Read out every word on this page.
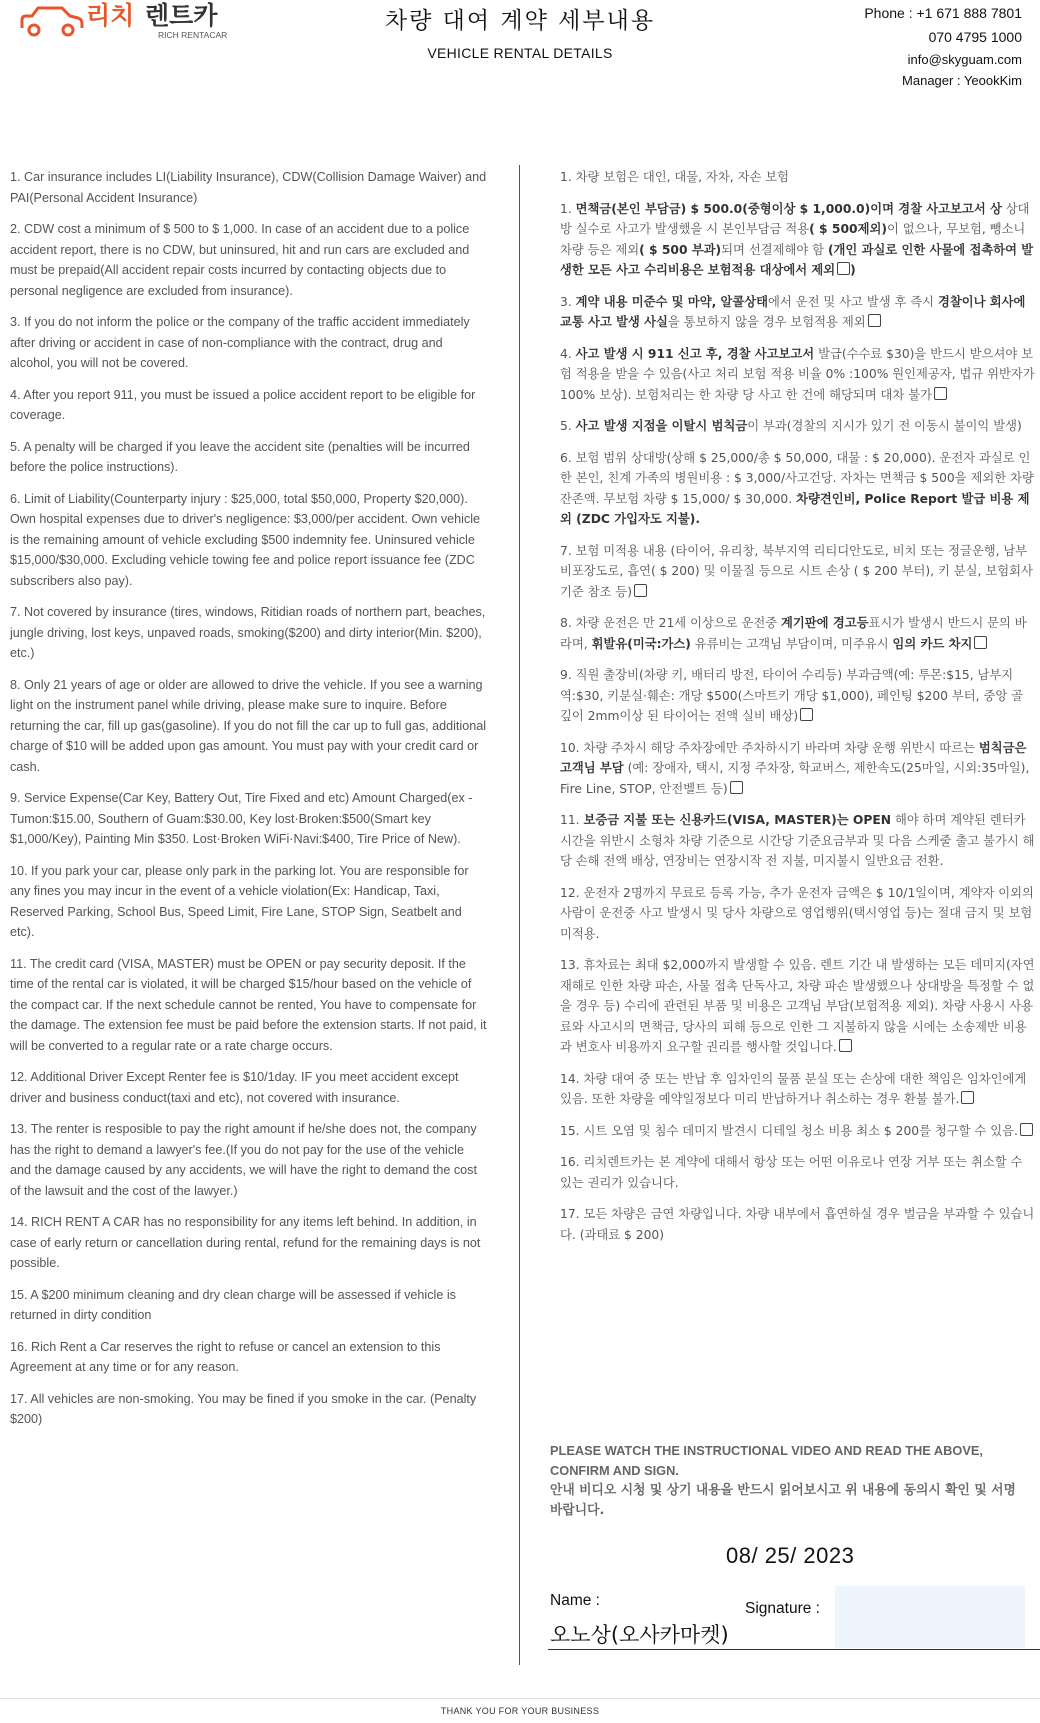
리치 렌트카
RICH RENTACAR
차량 대여 계약 세부내용
VEHICLE RENTAL DETAILS
Phone : +1 671 888 7801
070 4795 1000
info@skyguam.com
Manager : YeookKim

1. Car insurance includes LI(Liability Insurance), CDW(Collision Damage Waiver) and PAI(Personal Accident Insurance)

2. CDW cost a minimum of $ 500 to $ 1,000. In case of an accident due to a police accident report, there is no CDW, but uninsured, hit and run cars are excluded and must be prepaid(All accident repair costs incurred by contacting objects due to personal negligence are excluded from insurance).

3. If you do not inform the police or the company of the traffic accident immediately after driving or accident in case of non-compliance with the contract, drug and alcohol, you will not be covered.

4. After you report 911, you must be issued a police accident report to be eligible for coverage.

5. A penalty will be charged if you leave the accident site (penalties will be incurred before the police instructions).

6. Limit of Liability(Counterparty injury : $25,000, total $50,000, Property $20,000). Own hospital expenses due to driver's negligence: $3,000/per accident. Own vehicle is the remaining amount of vehicle excluding $500 indemnity fee. Uninsured vehicle $15,000/$30,000. Excluding vehicle towing fee and police report issuance fee (ZDC subscribers also pay).

7. Not covered by insurance (tires, windows, Ritidian roads of northern part, beaches, jungle driving, lost keys, unpaved roads, smoking($200) and dirty interior(Min. $200), etc.)

8. Only 21 years of age or older are allowed to drive the vehicle. If you see a warning light on the instrument panel while driving, please make sure to inquire. Before returning the car, fill up gas(gasoline). If you do not fill the car up to full gas, additional charge of $10 will be added upon gas amount. You must pay with your credit card or cash.

9. Service Expense(Car Key, Battery Out, Tire Fixed and etc) Amount Charged(ex -Tumon:$15.00, Southern of Guam:$30.00, Key lost·Broken:$500(Smart key $1,000/Key), Painting Min $350. Lost·Broken WiFi·Navi:$400, Tire Price of New).

10. If you park your car, please only park in the parking lot. You are responsible for any fines you may incur in the event of a vehicle violation(Ex: Handicap, Taxi, Reserved Parking, School Bus, Speed Limit, Fire Lane, STOP Sign, Seatbelt and etc).

11. The credit card (VISA, MASTER) must be OPEN or pay security deposit. If the time of the rental car is violated, it will be charged $15/hour based on the vehicle of the compact car. If the next schedule cannot be rented, You have to compensate for the damage. The extension fee must be paid before the extension starts. If not paid, it will be converted to a regular rate or a rate charge occurs.

12. Additional Driver Except Renter fee is $10/1day. IF you meet accident except driver and business conduct(taxi and etc), not covered with insurance.

13. The renter is resposible to pay the right amount if he/she does not, the company has the right to demand a lawyer's fee.(If you do not pay for the use of the vehicle and the damage caused by any accidents, we will have the right to demand the cost of the lawsuit and the cost of the lawyer.)

14. RICH RENT A CAR has no responsibility for any items left behind. In addition, in case of early return or cancellation during rental, refund for the remaining days is not possible.

15. A $200 minimum cleaning and dry clean charge will be assessed if vehicle is returned in dirty condition

16. Rich Rent a Car reserves the right to refuse or cancel an extension to this Agreement at any time or for any reason.

17. All vehicles are non-smoking. You may be fined if you smoke in the car. (Penalty $200)

1. 차량 보험은 대인, 대물, 자차, 자손 보험

1. 면책금(본인 부담금) $ 500.0(중형이상 $ 1,000.0)이며 경찰 사고보고서 상 상대방 실수로 사고가 발생했을 시 본인부담금 적용( $ 500제외)이 없으나, 무보험, 뺑소니 차량 등은 제외( $ 500 부과)되며 선결제해야 함 (개인 과실로 인한 사물에 접촉하여 발생한 모든 사고 수리비용은 보험적용 대상에서 제외 )

3. 계약 내용 미준수 및 마약, 알콜상태에서 운전 및 사고 발생 후 즉시 경찰이나 회사에 교통 사고 발생 사실을 통보하지 않을 경우 보험적용 제외

4. 사고 발생 시 911 신고 후, 경찰 사고보고서 발급(수수료 $30)을 반드시 받으셔야 보험 적용을 받을 수 있음(사고 처리 보험 적용 비율 0% :100% 원인제공자, 법규 위반자가 100% 보상). 보험처리는 한 차량 당 사고 한 건에 해당되며 대차 불가

5. 사고 발생 지점을 이탈시 범칙금이 부과(경찰의 지시가 있기 전 이동시 불이익 발생)

6. 보험 범위 상대방(상해 $ 25,000/총 $ 50,000, 대물 : $ 20,000). 운전자 과실로 인한 본인, 친계 가족의 병원비용 : $ 3,000/사고건당. 자차는 면책금 $ 500을 제외한 차량 잔존액. 무보험 차량 $ 15,000/ $ 30,000. 차량견인비, Police Report 발급 비용 제외 (ZDC 가입자도 지불).

7. 보험 미적용 내용 (타이어, 유리창, 북부지역 리티디안도로, 비치 또는 정글운행, 남부 비포장도로, 흡연( $ 200) 및 이물질 등으로 시트 손상 ( $ 200 부터), 키 분실, 보험회사 기준 참조 등)

8. 차량 운전은 만 21세 이상으로 운전중 계기판에 경고등표시가 발생시 반드시 문의 바라며, 휘발유(미국:가스) 유류비는 고객님 부담이며, 미주유시 임의 카드 차지

9. 직원 출장비(차량 키, 배터리 방전, 타이어 수리등) 부과금액(예: 투몬:$15, 남부지역:$30, 키분실·훼손: 개당 $500(스마트키 개당 $1,000), 페인팅 $200 부터, 중앙 골 깊이 2mm이상 된 타이어는 전액 실비 배상)

10. 차량 주차시 해당 주차장에만 주차하시기 바라며 차량 운행 위반시 따르는 범칙금은 고객님 부담 (예: 장애자, 택시, 지정 주차장, 학교버스, 제한속도(25마일, 시외:35마일), Fire Line, STOP, 안전벨트 등)

11. 보증금 지불 또는 신용카드(VISA, MASTER)는 OPEN 해야 하며 계약된 렌터카 시간을 위반시 소형차 차량 기준으로 시간당 기준요금부과 및 다음 스케줄 출고 불가시 해당 손해 전액 배상, 연장비는 연장시작 전 지불, 미지불시 일반요금 전환.

12. 운전자 2명까지 무료로 등록 가능, 추가 운전자 금액은 $ 10/1일이며, 계약자 이외의 사람이 운전중 사고 발생시 및 당사 차량으로 영업행위(택시영업 등)는 절대 금지 및 보험 미적용.

13. 휴차료는 최대 $2,000까지 발생할 수 있음. 렌트 기간 내 발생하는 모든 데미지(자연재해로 인한 차량 파손, 사물 접촉 단독사고, 차량 파손 발생했으나 상대방을 특정할 수 없을 경우 등) 수리에 관련된 부품 및 비용은 고객님 부담(보험적용 제외). 차량 사용시 사용료와 사고시의 면책금, 당사의 피해 등으로 인한 그 지불하지 않을 시에는 소송제반 비용과 변호사 비용까지 요구할 권리를 행사할 것입니다.

14. 차량 대여 중 또는 반납 후 임차인의 물품 분실 또는 손상에 대한 책임은 임차인에게 있음. 또한 차량을 예약일정보다 미리 반납하거나 취소하는 경우 환불 불가.

15. 시트 오염 및 침수 데미지 발견시 디테일 청소 비용 최소 $ 200를 청구할 수 있음.

16. 리치렌트카는 본 계약에 대해서 항상 또는 어떤 이유로나 연장 거부 또는 취소할 수 있는 권리가 있습니다.

17. 모든 차량은 금연 차량입니다. 차량 내부에서 흡연하실 경우 벌금을 부과할 수 있습니다. (과태료 $ 200)

PLEASE WATCH THE INSTRUCTIONAL VIDEO AND READ THE ABOVE, CONFIRM AND SIGN.
안내 비디오 시청 및 상기 내용을 반드시 읽어보시고 위 내용에 동의시 확인 및 서명 바랍니다.
08/ 25/ 2023
Name :
오노상(오사카마켓)
Signature :
THANK YOU FOR YOUR BUSINESS
